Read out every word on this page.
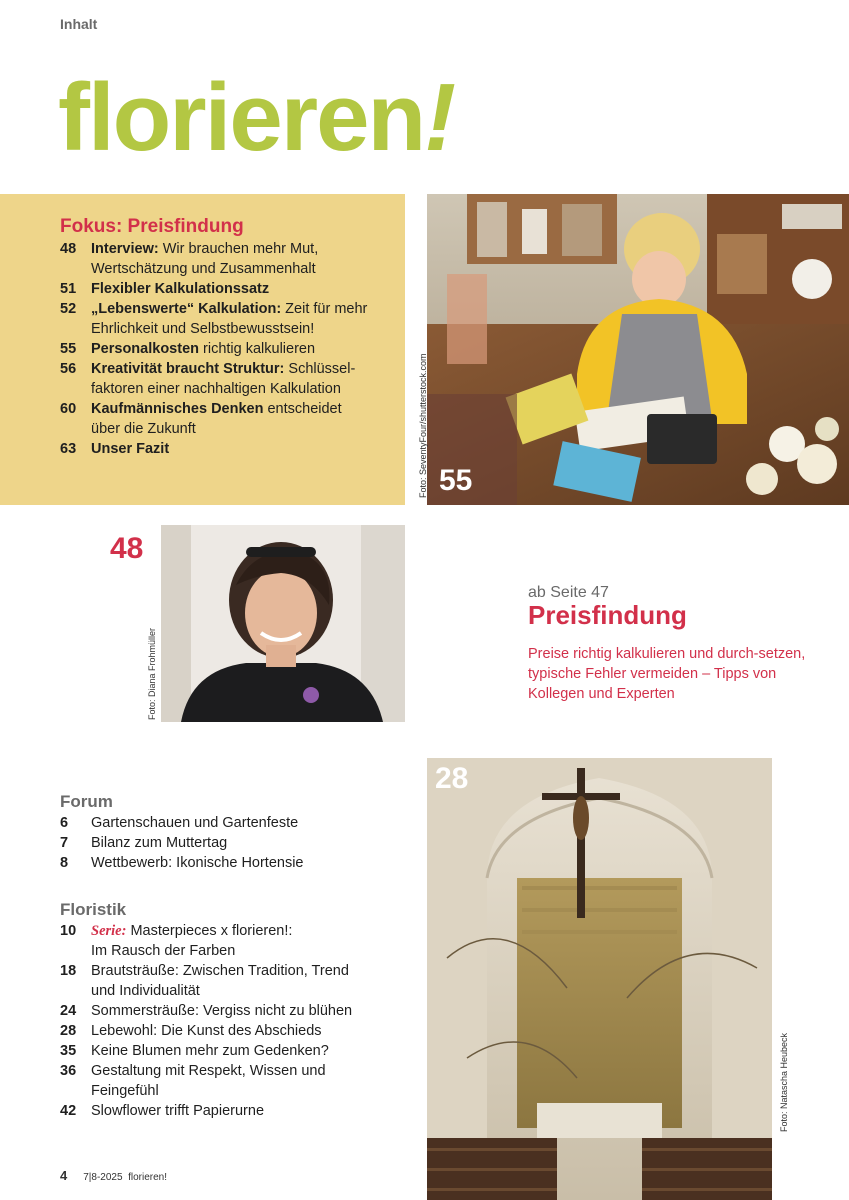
Inhalt
florieren!
Fokus: Preisfindung
48 Interview: Wir brauchen mehr Mut,
Wertschätzung und Zusammenhalt
51 Flexibler Kalkulationssatz
52 „Lebenswerte“ Kalkulation: Zeit für mehr
Ehrlichkeit und Selbstbewusstsein!
55 Personalkosten richtig kalkulieren
56 Kreativität braucht Struktur: Schlüssel-
faktoren einer nachhaltigen Kalkulation
60 Kaufmännisches Denken entscheidet
über die Zukunft
63 Unser Fazit
55
Foto: SeventyFour/shutterstock.com
48
Foto: Diana Frohmüller
ab Seite 47
Preisfindung
Preise richtig kalkulieren und durch-setzen, typische Fehler vermeiden – Tipps von Kollegen und Experten
Forum
6 Gartenschauen und Gartenfeste
7 Bilanz zum Muttertag
8 Wettbewerb: Ikonische Hortensie
Floristik
10 Serie: Masterpieces x florieren!:
Im Rausch der Farben
18 Brautsträuße: Zwischen Tradition, Trend
und Individualität
24 Sommersträuße: Vergiss nicht zu blühen
28 Lebewohl: Die Kunst des Abschieds
35 Keine Blumen mehr zum Gedenken?
36 Gestaltung mit Respekt, Wissen und
Feingefühl
42 Slowflower trifft Papierurne
28
Foto: Natascha Heubeck
4 7|8-2025 florieren!
